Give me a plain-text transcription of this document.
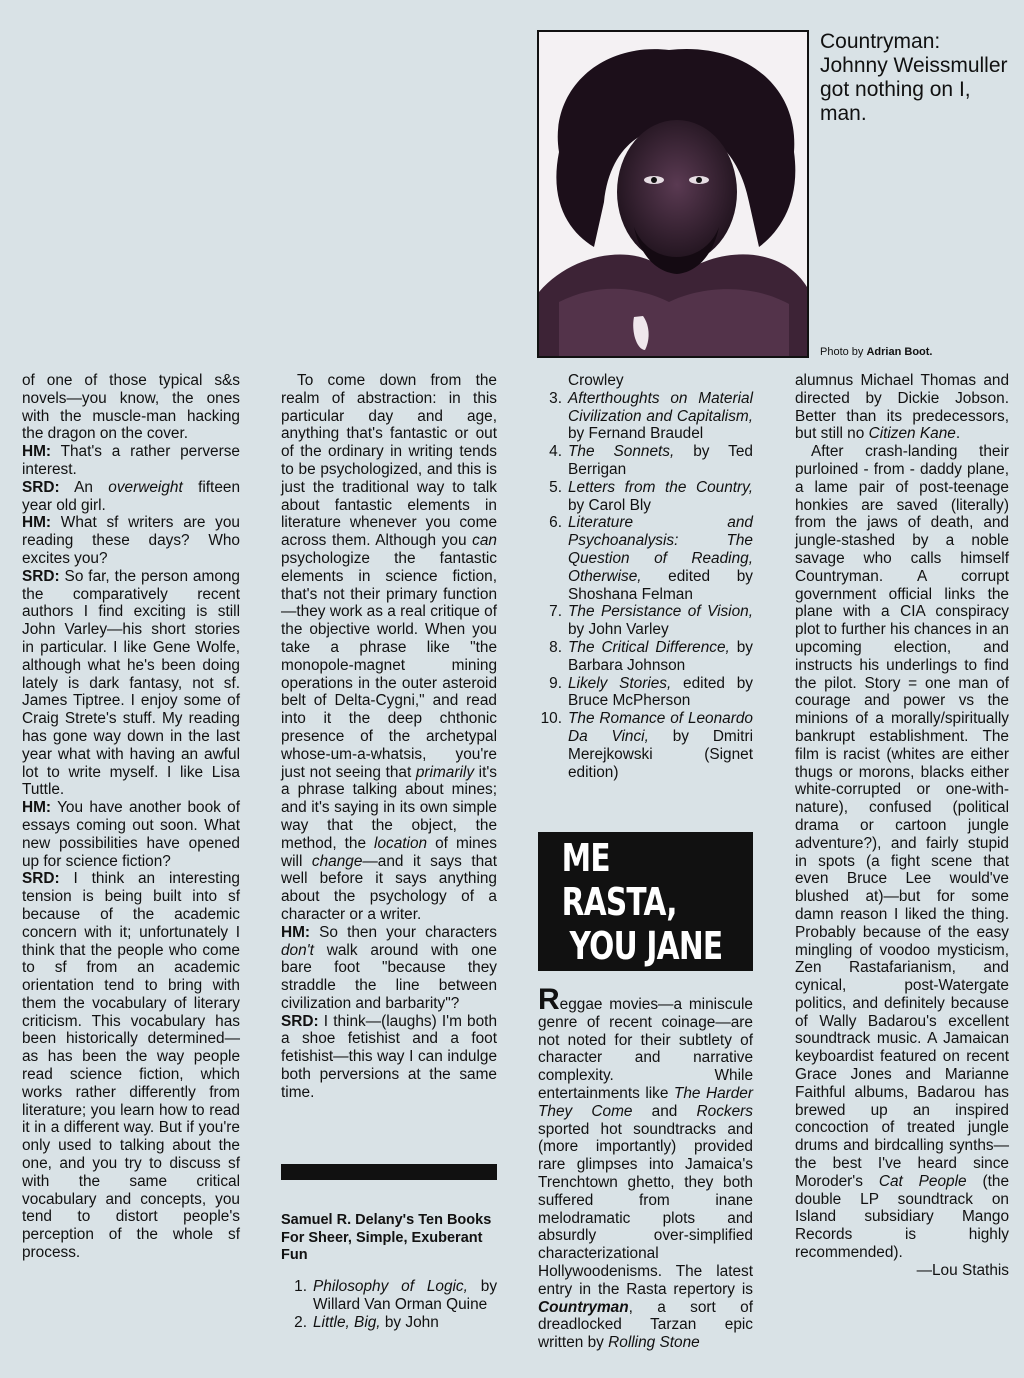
Countryman: Johnny Weissmuller got nothing on I, man.
Photo by Adrian Boot.

of one of those typical s&s novels—you know, the ones with the muscle-man hacking the dragon on the cover.

HM: That's a rather perverse interest.

SRD: An overweight fifteen year old girl.

HM: What sf writers are you reading these days? Who excites you?

SRD: So far, the person among the comparatively recent authors I find exciting is still John Varley—his short stories in particular. I like Gene Wolfe, although what he's been doing lately is dark fantasy, not sf. James Tiptree. I enjoy some of Craig Strete's stuff. My reading has gone way down in the last year what with having an awful lot to write myself. I like Lisa Tuttle.

HM: You have another book of essays coming out soon. What new possibilities have opened up for science fiction?

SRD: I think an interesting tension is being built into sf because of the academic concern with it; unfortunately I think that the people who come to sf from an academic orientation tend to bring with them the vocabulary of literary criticism. This vocabulary has been historically determined—as has been the way people read science fiction, which works rather differently from literature; you learn how to read it in a different way. But if you're only used to talking about the one, and you try to discuss sf with the same critical vocabulary and concepts, you tend to distort people's perception of the whole sf process.

To come down from the realm of abstraction: in this particular day and age, anything that's fantastic or out of the ordinary in writing tends to be psychologized, and this is just the traditional way to talk about fantastic elements in literature whenever you come across them. Although you can psychologize the fantastic elements in science fiction, that's not their primary function—they work as a real critique of the objective world. When you take a phrase like "the monopole-magnet mining operations in the outer asteroid belt of Delta-Cygni," and read into it the deep chthonic presence of the archetypal whose-um-a-whatsis, you're just not seeing that primarily it's a phrase talking about mines; and it's saying in its own simple way that the object, the method, the location of mines will change—and it says that well before it says anything about the psychology of a character or a writer.

HM: So then your characters don't walk around with one bare foot "because they straddle the line between civilization and barbarity"?

SRD: I think—(laughs) I'm both a shoe fetishist and a foot fetishist—this way I can indulge both perversions at the same time.

Samuel R. Delany's Ten Books For Sheer, Simple, Exuberant Fun
1. Philosophy of Logic, by Willard Van Orman Quine
2. Little, Big, by John
Crowley
3. Afterthoughts on Material Civilization and Capitalism, by Fernand Braudel
4. The Sonnets, by Ted Berrigan
5. Letters from the Country, by Carol Bly
6. Literature and Psychoanalysis: The Question of Reading, Otherwise, edited by Shoshana Felman
7. The Persistance of Vision, by John Varley
8. The Critical Difference, by Barbara Johnson
9. Likely Stories, edited by Bruce McPherson
10. The Romance of Leonardo Da Vinci, by Dmitri Merejkowski (Signet edition)
ME RASTA,
YOU JANE

Reggae movies—a miniscule genre of recent coinage—are not noted for their subtlety of character and narrative complexity. While entertainments like The Harder They Come and Rockers sported hot soundtracks and (more importantly) provided rare glimpses into Jamaica's Trenchtown ghetto, they both suffered from inane melodramatic plots and absurdly over-simplified characterizational Hollywoodenisms. The latest entry in the Rasta repertory is Countryman, a sort of dreadlocked Tarzan epic written by Rolling Stone

alumnus Michael Thomas and directed by Dickie Jobson. Better than its predecessors, but still no Citizen Kane.

After crash-landing their purloined - from - daddy plane, a lame pair of post-teenage honkies are saved (literally) from the jaws of death, and jungle-stashed by a noble savage who calls himself Countryman. A corrupt government official links the plane with a CIA conspiracy plot to further his chances in an upcoming election, and instructs his underlings to find the pilot. Story = one man of courage and power vs the minions of a morally/spiritually bankrupt establishment. The film is racist (whites are either thugs or morons, blacks either white-corrupted or one-with-nature), confused (political drama or cartoon jungle adventure?), and fairly stupid in spots (a fight scene that even Bruce Lee would've blushed at)—but for some damn reason I liked the thing. Probably because of the easy mingling of voodoo mysticism, Zen Rastafarianism, and cynical, post-Watergate politics, and definitely because of Wally Badarou's excellent soundtrack music. A Jamaican keyboardist featured on recent Grace Jones and Marianne Faithful albums, Badarou has brewed up an inspired concoction of treated jungle drums and birdcalling synths—the best I've heard since Moroder's Cat People (the double LP soundtrack on Island subsidiary Mango Records is highly recommended).

—Lou Stathis
